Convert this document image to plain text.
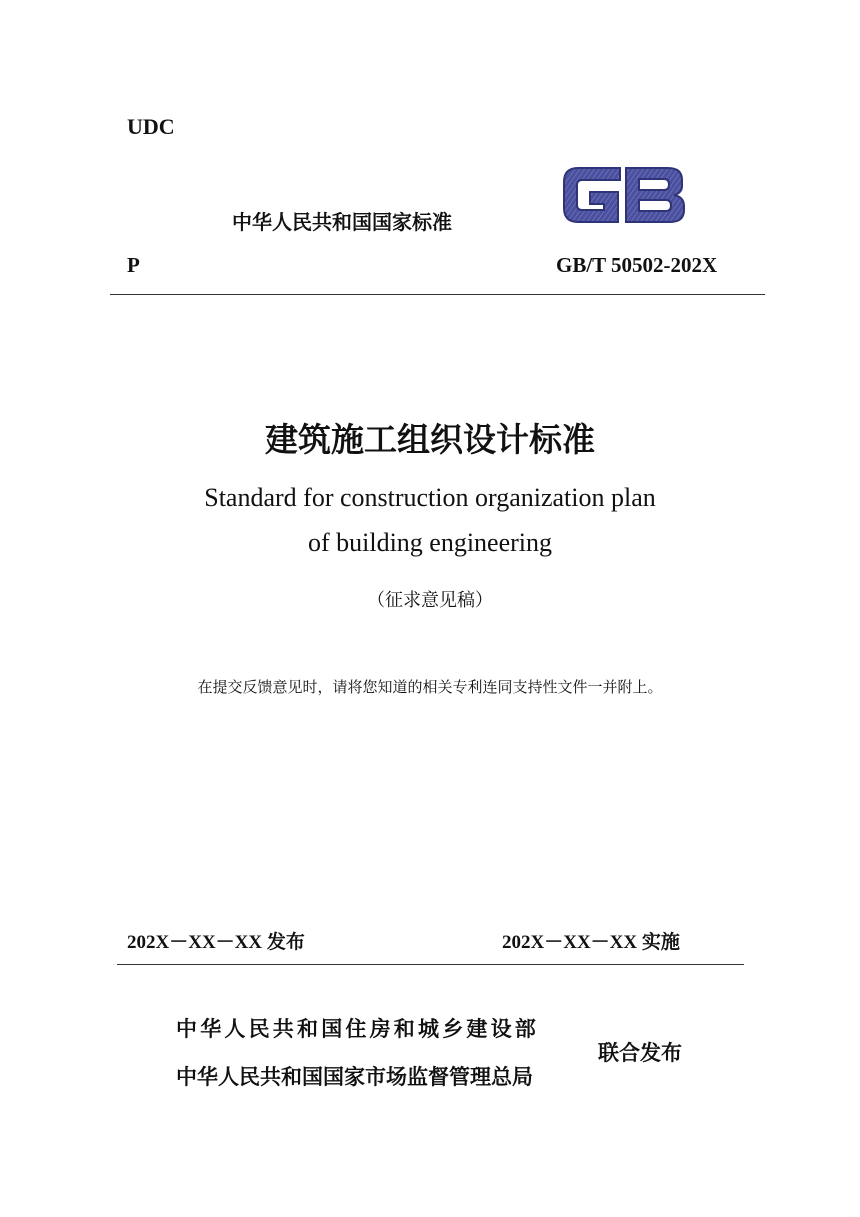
UDC
中华人民共和国国家标准
P	GB/T 50502-202X
建筑施工组织设计标准
Standard for construction organization plan
of building engineering
（征求意见稿）
在提交反馈意见时，请将您知道的相关专利连同支持性文件一并附上。
202X－XX－XX 发布	202X－XX－XX 实施
中华人民共和国住房和城乡建设部
中华人民共和国国家市场监督管理总局
联合发布
